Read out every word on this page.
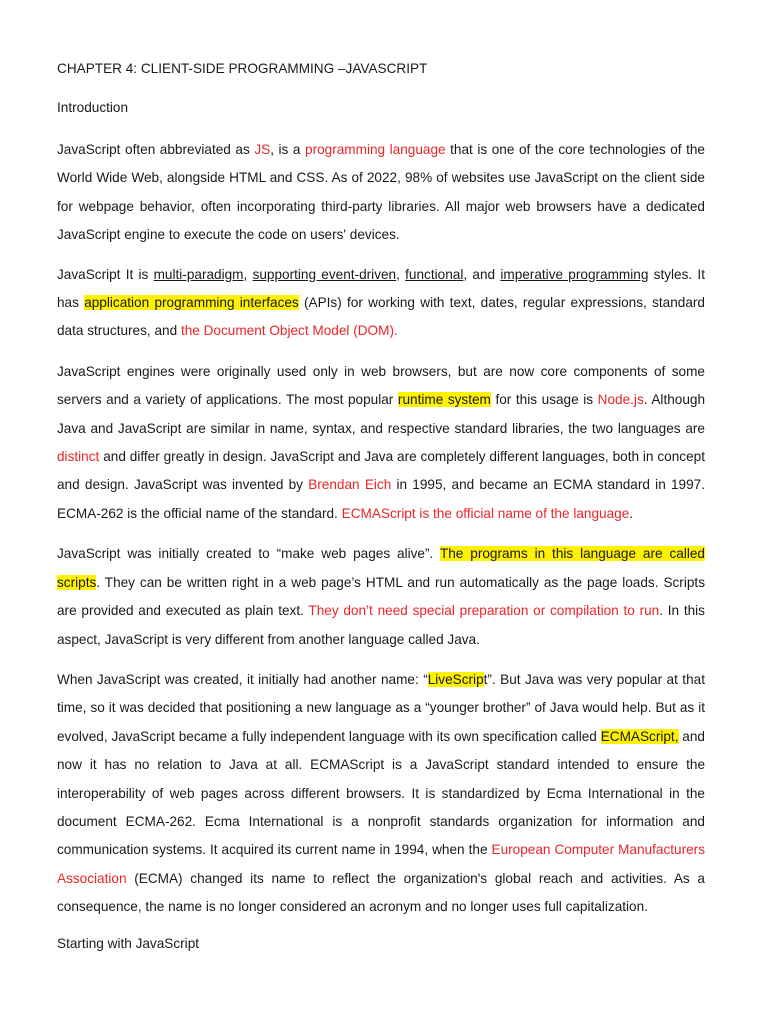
CHAPTER 4: CLIENT-SIDE PROGRAMMING –JAVASCRIPT

Introduction

JavaScript often abbreviated as JS, is a programming language that is one of the core technologies of the World Wide Web, alongside HTML and CSS. As of 2022, 98% of websites use JavaScript on the client side for webpage behavior, often incorporating third-party libraries. All major web browsers have a dedicated JavaScript engine to execute the code on users' devices.

JavaScript It is multi-paradigm, supporting event-driven, functional, and imperative programming styles. It has application programming interfaces (APIs) for working with text, dates, regular expressions, standard data structures, and the Document Object Model (DOM).

JavaScript engines were originally used only in web browsers, but are now core components of some servers and a variety of applications. The most popular runtime system for this usage is Node.js. Although Java and JavaScript are similar in name, syntax, and respective standard libraries, the two languages are distinct and differ greatly in design. JavaScript and Java are completely different languages, both in concept and design. JavaScript was invented by Brendan Eich in 1995, and became an ECMA standard in 1997. ECMA-262 is the official name of the standard. ECMAScript is the official name of the language.

JavaScript was initially created to “make web pages alive”. The programs in this language are called scripts. They can be written right in a web page’s HTML and run automatically as the page loads. Scripts are provided and executed as plain text. They don’t need special preparation or compilation to run. In this aspect, JavaScript is very different from another language called Java.

When JavaScript was created, it initially had another name: “LiveScript”. But Java was very popular at that time, so it was decided that positioning a new language as a “younger brother” of Java would help. But as it evolved, JavaScript became a fully independent language with its own specification called ECMAScript, and now it has no relation to Java at all. ECMAScript is a JavaScript standard intended to ensure the interoperability of web pages across different browsers. It is standardized by Ecma International in the document ECMA-262. Ecma International is a nonprofit standards organization for information and communication systems. It acquired its current name in 1994, when the European Computer Manufacturers Association (ECMA) changed its name to reflect the organization's global reach and activities. As a consequence, the name is no longer considered an acronym and no longer uses full capitalization.

Starting with JavaScript
